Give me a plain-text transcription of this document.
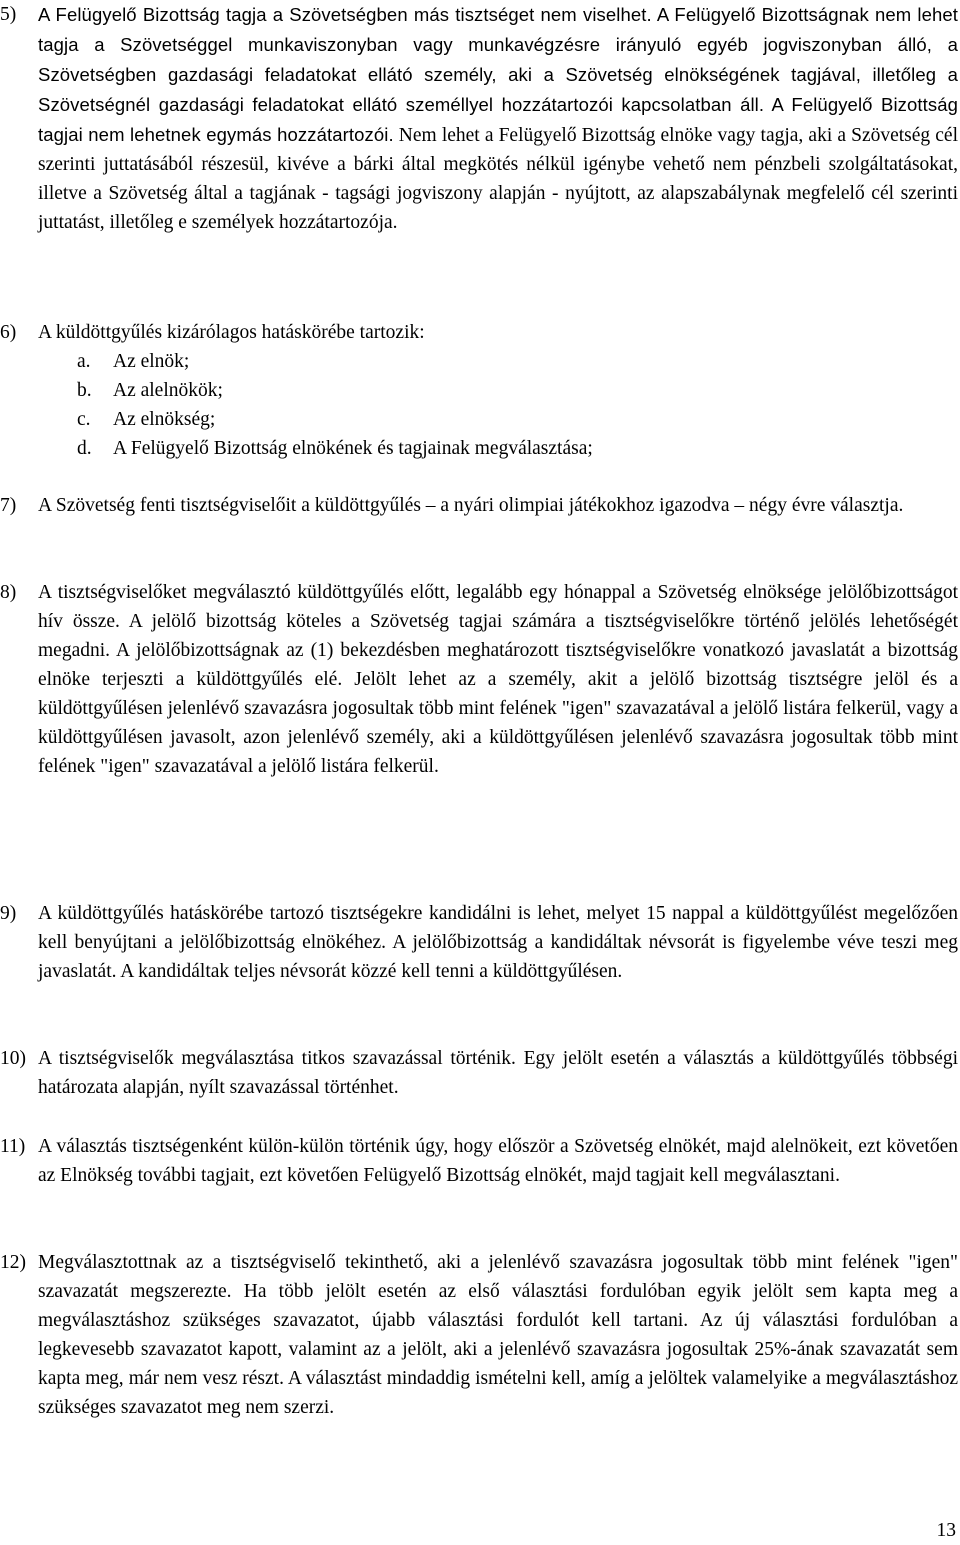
5) A Felügyelő Bizottság tagja a Szövetségben más tisztséget nem viselhet. A Felügyelő Bizottságnak nem lehet tagja a Szövetséggel munkaviszonyban vagy munkavégzésre irányuló egyéb jogviszonyban álló, a Szövetségben gazdasági feladatokat ellátó személy, aki a Szövetség elnökségének tagjával, illetőleg a Szövetségnél gazdasági feladatokat ellátó személlyel hozzátartozói kapcsolatban áll. A Felügyelő Bizottság tagjai nem lehetnek egymás hozzátartozói. Nem lehet a Felügyelő Bizottság elnöke vagy tagja, aki a Szövetség cél szerinti juttatásából részesül, kivéve a bárki által megkötés nélkül igénybe vehető nem pénzbeli szolgáltatásokat, illetve a Szövetség által a tagjának - tagsági jogviszony alapján - nyújtott, az alapszabálynak megfelelő cél szerinti juttatást, illetőleg e személyek hozzátartozója.
6) A küldöttgyűlés kizárólagos hatáskörébe tartozik:
a. Az elnök;
b. Az alelnökök;
c. Az elnökség;
d. A Felügyelő Bizottság elnökének és tagjainak megválasztása;
7) A Szövetség fenti tisztségviselőit a küldöttgyűlés – a nyári olimpiai játékokhoz igazodva – négy évre választja.
8) A tisztségviselőket megválasztó küldöttgyűlés előtt, legalább egy hónappal a Szövetség elnöksége jelölőbizottságot hív össze. A jelölő bizottság köteles a Szövetség tagjai számára a tisztségviselőkre történő jelölés lehetőségét megadni. A jelölőbizottságnak az (1) bekezdésben meghatározott tisztségviselőkre vonatkozó javaslatát a bizottság elnöke terjeszti a küldöttgyűlés elé. Jelölt lehet az a személy, akit a jelölő bizottság tisztségre jelöl és a küldöttgyűlésen jelenlévő szavazásra jogosultak több mint felének "igen" szavazatával a jelölő listára felkerül, vagy a küldöttgyűlésen javasolt, azon jelenlévő személy, aki a küldöttgyűlésen jelenlévő szavazásra jogosultak több mint felének "igen" szavazatával a jelölő listára felkerül.
9) A küldöttgyűlés hatáskörébe tartozó tisztségekre kandidálni is lehet, melyet 15 nappal a küldöttgyűlést megelőzően kell benyújtani a jelölőbizottság elnökéhez. A jelölőbizottság a kandidáltak névsorát is figyelembe véve teszi meg javaslatát. A kandidáltak teljes névsorát közzé kell tenni a küldöttgyűlésen.
10) A tisztségviselők megválasztása titkos szavazással történik. Egy jelölt esetén a választás a küldöttgyűlés többségi határozata alapján, nyílt szavazással történhet.
11) A választás tisztségenként külön-külön történik úgy, hogy először a Szövetség elnökét, majd alelnökeit, ezt követően az Elnökség további tagjait, ezt követően Felügyelő Bizottság elnökét, majd tagjait kell megválasztani.
12) Megválasztottnak az a tisztségviselő tekinthető, aki a jelenlévő szavazásra jogosultak több mint felének "igen" szavazatát megszerezte. Ha több jelölt esetén az első választási fordulóban egyik jelölt sem kapta meg a megválasztáshoz szükséges szavazatot, újabb választási fordulót kell tartani. Az új választási fordulóban a legkevesebb szavazatot kapott, valamint az a jelölt, aki a jelenlévő szavazásra jogosultak 25%-ának szavazatát sem kapta meg, már nem vesz részt. A választást mindaddig ismételni kell, amíg a jelöltek valamelyike a megválasztáshoz szükséges szavazatot meg nem szerzi.
13
